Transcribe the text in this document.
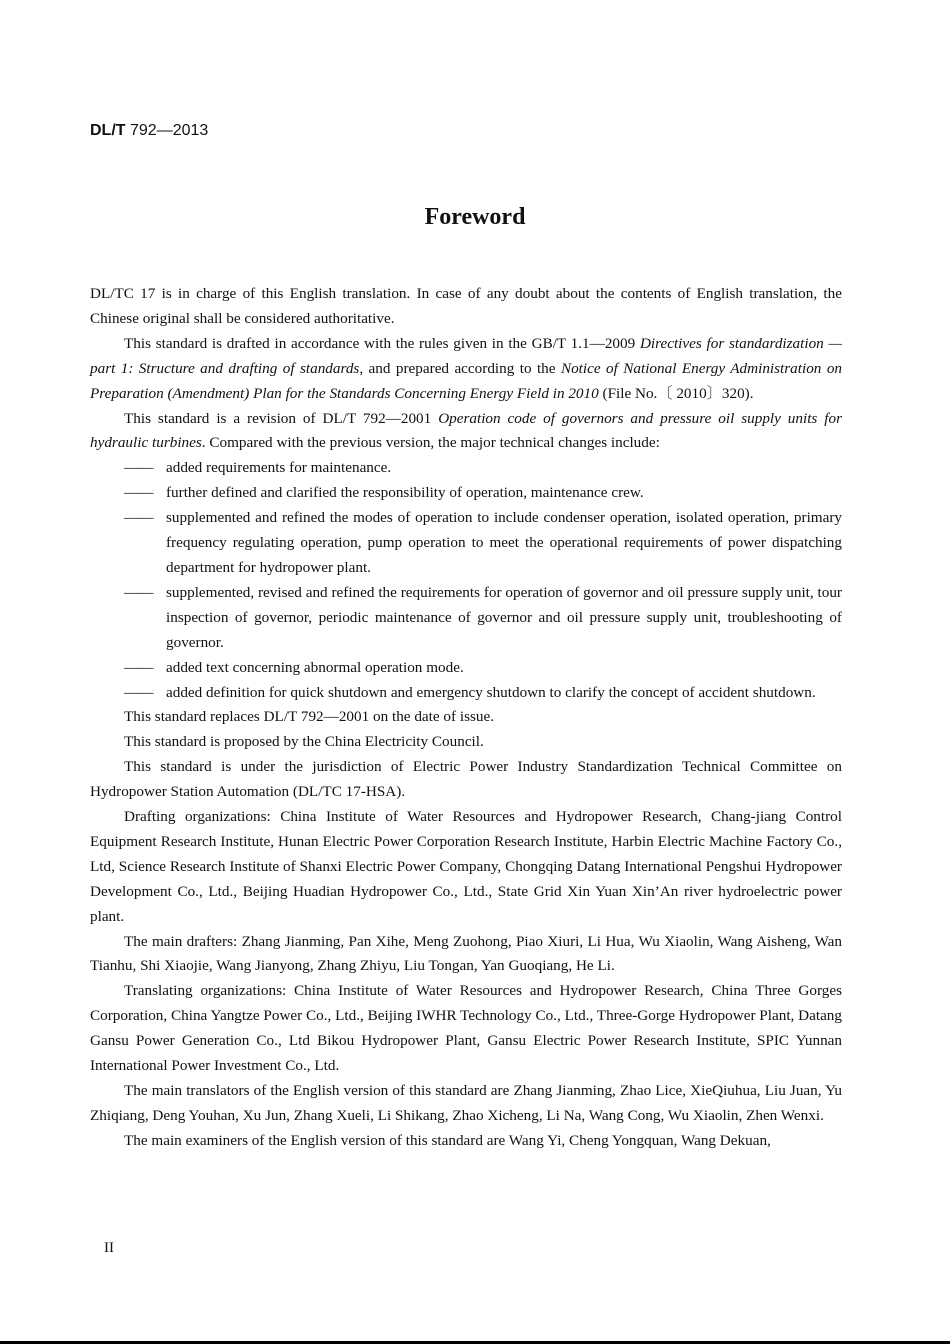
DL/T 792—2013
Foreword

DL/TC 17 is in charge of this English translation. In case of any doubt about the contents of English translation, the Chinese original shall be considered authoritative.

This standard is drafted in accordance with the rules given in the GB/T 1.1—2009 Directives for standardization —part 1: Structure and drafting of standards, and prepared according to the Notice of National Energy Administration on Preparation (Amendment) Plan for the Standards Concerning Energy Field in 2010 (File No.〔 2010〕320).

This standard is a revision of DL/T 792—2001 Operation code of governors and pressure oil supply units for hydraulic turbines. Compared with the previous version, the major technical changes include:

—— added requirements for maintenance.
—— further defined and clarified the responsibility of operation, maintenance crew.
—— supplemented and refined the modes of operation to include condenser operation, isolated operation, primary frequency regulating operation, pump operation to meet the operational requirements of power dispatching department for hydropower plant.
—— supplemented, revised and refined the requirements for operation of governor and oil pressure supply unit, tour inspection of governor, periodic maintenance of governor and oil pressure supply unit, troubleshooting of governor.
—— added text concerning abnormal operation mode.
—— added definition for quick shutdown and emergency shutdown to clarify the concept of accident shutdown.

This standard replaces DL/T 792—2001 on the date of issue.

This standard is proposed by the China Electricity Council.

This standard is under the jurisdiction of Electric Power Industry Standardization Technical Committee on Hydropower Station Automation (DL/TC 17-HSA).

Drafting organizations: China Institute of Water Resources and Hydropower Research, Chang-jiang Control Equipment Research Institute, Hunan Electric Power Corporation Research Institute, Harbin Electric Machine Factory Co., Ltd, Science Research Institute of Shanxi Electric Power Company, Chongqing Datang International Pengshui Hydropower Development Co., Ltd., Beijing Huadian Hydropower Co., Ltd., State Grid Xin Yuan Xin’An river hydroelectric power plant.

The main drafters: Zhang Jianming, Pan Xihe, Meng Zuohong, Piao Xiuri, Li Hua, Wu Xiaolin, Wang Aisheng, Wan Tianhu, Shi Xiaojie, Wang Jianyong, Zhang Zhiyu, Liu Tongan, Yan Guoqiang, He Li.

Translating organizations: China Institute of Water Resources and Hydropower Research, China Three Gorges Corporation, China Yangtze Power Co., Ltd., Beijing IWHR Technology Co., Ltd., Three-Gorge Hydropower Plant, Datang Gansu Power Generation Co., Ltd Bikou Hydropower Plant, Gansu Electric Power Research Institute, SPIC Yunnan International Power Investment Co., Ltd.

The main translators of the English version of this standard are Zhang Jianming, Zhao Lice, XieQiuhua, Liu Juan, Yu Zhiqiang, Deng Youhan, Xu Jun, Zhang Xueli, Li Shikang, Zhao Xicheng, Li Na, Wang Cong, Wu Xiaolin, Zhen Wenxi.

The main examiners of the English version of this standard are Wang Yi, Cheng Yongquan, Wang Dekuan,

II
